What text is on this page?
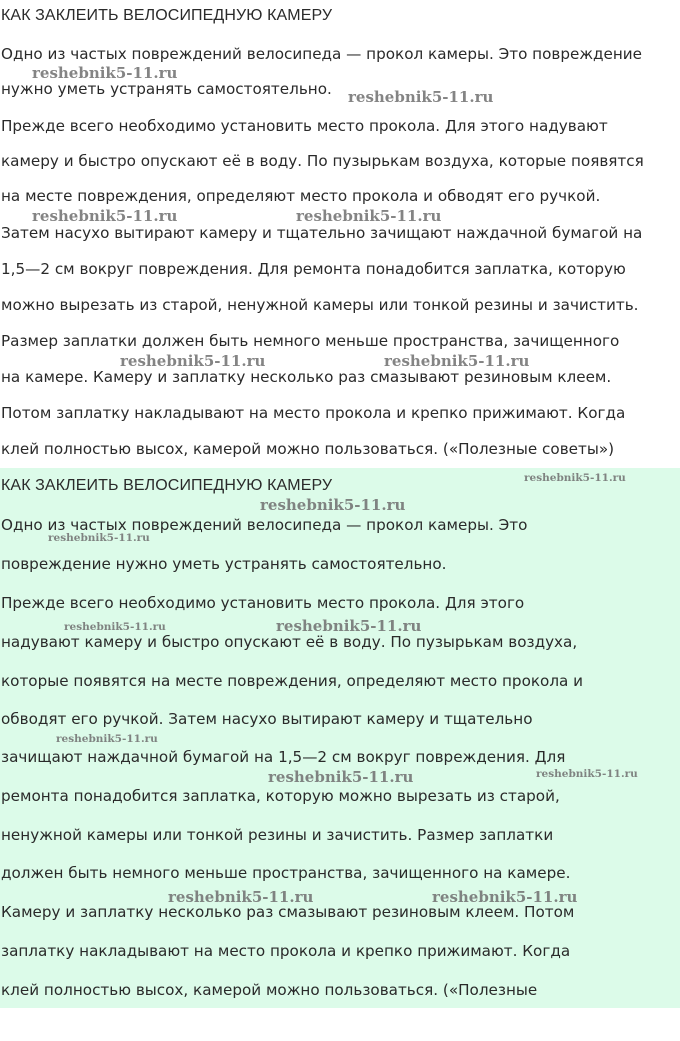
КАК ЗАКЛЕИТЬ ВЕЛОСИПЕДНУЮ КАМЕРУ

Одно из частых повреждений велосипеда — прокол камеры. Это повреждение

нужно уметь устранять самостоятельно.

Прежде всего необходимо установить место прокола. Для этого надувают

камеру и быстро опускают её в воду. По пузырькам воздуха, которые появятся

на месте повреждения, определяют место прокола и обводят его ручкой.

Затем насухо вытирают камеру и тщательно зачищают наждачной бумагой на

1,5—2 см вокруг повреждения. Для ремонта понадобится заплатка, которую

можно вырезать из старой, ненужной камеры или тонкой резины и зачистить.

Размер заплатки должен быть немного меньше пространства, зачищенного

на камере. Камеру и заплатку несколько раз смазывают резиновым клеем.

Потом заплатку накладывают на место прокола и крепко прижимают. Когда

клей полностью высох, камерой можно пользоваться. («Полезные советы»)

reshebnik5-11.ru
reshebnik5-11.ru
reshebnik5-11.ru	reshebnik5-11.ru
reshebnik5-11.ru	reshebnik5-11.ru
КАК ЗАКЛЕИТЬ ВЕЛОСИПЕДНУЮ КАМЕРУ

Одно из частых повреждений велосипеда — прокол камеры. Это

повреждение нужно уметь устранять самостоятельно.

Прежде всего необходимо установить место прокола. Для этого

надувают камеру и быстро опускают её в воду. По пузырькам воздуха,

которые появятся на месте повреждения, определяют место прокола и

обводят его ручкой. Затем насухо вытирают камеру и тщательно

зачищают наждачной бумагой на 1,5—2 см вокруг повреждения. Для

ремонта понадобится заплатка, которую можно вырезать из старой,

ненужной камеры или тонкой резины и зачистить. Размер заплатки

должен быть немного меньше пространства, зачищенного на камере.

Камеру и заплатку несколько раз смазывают резиновым клеем. Потом

заплатку накладывают на место прокола и крепко прижимают. Когда

клей полностью высох, камерой можно пользоваться. («Полезные

reshebnik5-11.ru
reshebnik5-11.ru
reshebnik5-11.ru
reshebnik5-11.ru	reshebnik5-11.ru
reshebnik5-11.ru
reshebnik5-11.ru	reshebnik5-11.ru
reshebnik5-11.ru	reshebnik5-11.ru
